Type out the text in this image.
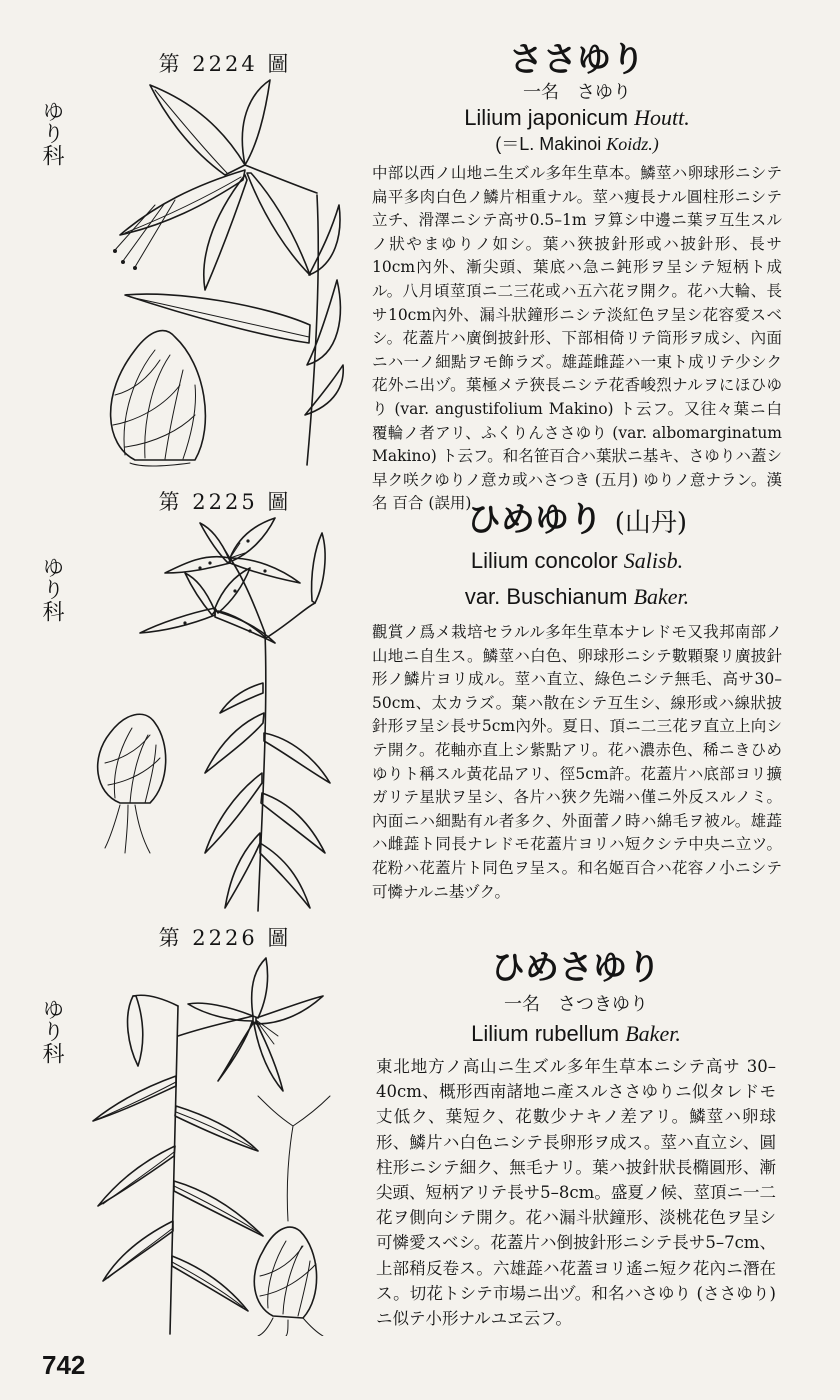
第 2224 圖
ゆり科
ささゆり
一名　さゆり
Lilium japonicum Houtt.
(＝L. Makinoi Koidz.)
中部以西ノ山地ニ生ズル多年生草本。鱗莖ハ卵球形ニシテ扁平多肉白色ノ鱗片相重ナル。莖ハ痩長ナル圓柱形ニシテ立チ、滑澤ニシテ高サ0.5–1m ヲ算シ中邊ニ葉ヲ互生スルノ狀やまゆりノ如シ。葉ハ狹披針形或ハ披針形、長サ10cm內外、漸尖頭、葉底ハ急ニ鈍形ヲ呈シテ短柄ト成ル。八月頃莖頂ニ二三花或ハ五六花ヲ開ク。花ハ大輪、長サ10cm內外、漏斗狀鐘形ニシテ淡紅色ヲ呈シ花容愛スベシ。花蓋片ハ廣倒披針形、下部相倚リテ筒形ヲ成シ、內面ニハ一ノ細點ヲモ飾ラズ。雄蕋雌蕋ハ一東ト成リテ少シク花外ニ出ヅ。葉極メテ狹長ニシテ花香峻烈ナルヲにほひゆり (var. angustifolium Makino) ト云フ。又往々葉ニ白覆輪ノ者アリ、ふくりんささゆり (var. albomarginatum Makino) ト云フ。和名笹百合ハ葉狀ニ基キ、さゆりハ蓋シ早ク咲クゆりノ意カ或ハさつき (五月) ゆりノ意ナラン。漢名 百合 (誤用)
第 2225 圖
ゆり科
ひめゆり (山丹)
Lilium concolor Salisb.
var. Buschianum Baker.
觀賞ノ爲メ栽培セラルル多年生草本ナレドモ又我邦南部ノ山地ニ自生ス。鱗莖ハ白色、卵球形ニシテ數顆聚リ廣披針形ノ鱗片ヨリ成ル。莖ハ直立、綠色ニシテ無毛、高サ30–50cm、太カラズ。葉ハ散在シテ互生シ、線形或ハ線狀披針形ヲ呈シ長サ5cm內外。夏日、頂ニ二三花ヲ直立上向シテ開ク。花軸亦直上シ紫點アリ。花ハ濃赤色、稀ニきひめゆりト稱スル黃花品アリ、徑5cm許。花蓋片ハ底部ヨリ擴ガリテ星狀ヲ呈シ、各片ハ狹ク先端ハ僅ニ外反スルノミ。內面ニハ細點有ル者多ク、外面蕾ノ時ハ綿毛ヲ被ル。雄蕋ハ雌蕋ト同長ナレドモ花蓋片ヨリハ短クシテ中央ニ立ツ。花粉ハ花蓋片ト同色ヲ呈ス。和名姬百合ハ花容ノ小ニシテ可憐ナルニ基ヅク。
第 2226 圖
ゆり科
ひめさゆり
一名　さつきゆり
Lilium rubellum Baker.
東北地方ノ高山ニ生ズル多年生草本ニシテ高サ 30–40cm、概形西南諸地ニ產スルささゆりニ似タレドモ丈低ク、葉短ク、花數少ナキノ差アリ。鱗莖ハ卵球形、鱗片ハ白色ニシテ長卵形ヲ成ス。莖ハ直立シ、圓柱形ニシテ細ク、無毛ナリ。葉ハ披針狀長橢圓形、漸尖頭、短柄アリテ長サ5–8cm。盛夏ノ候、莖頂ニ一二花ヲ側向シテ開ク。花ハ漏斗狀鐘形、淡桃花色ヲ呈シ可憐愛スベシ。花蓋片ハ倒披針形ニシテ長サ5–7cm、上部稍反卷ス。六雄蕋ハ花蓋ヨリ遙ニ短ク花內ニ潛在ス。切花トシテ市場ニ出ヅ。和名ハさゆり (ささゆり) ニ似テ小形ナルユヱ云フ。
742
